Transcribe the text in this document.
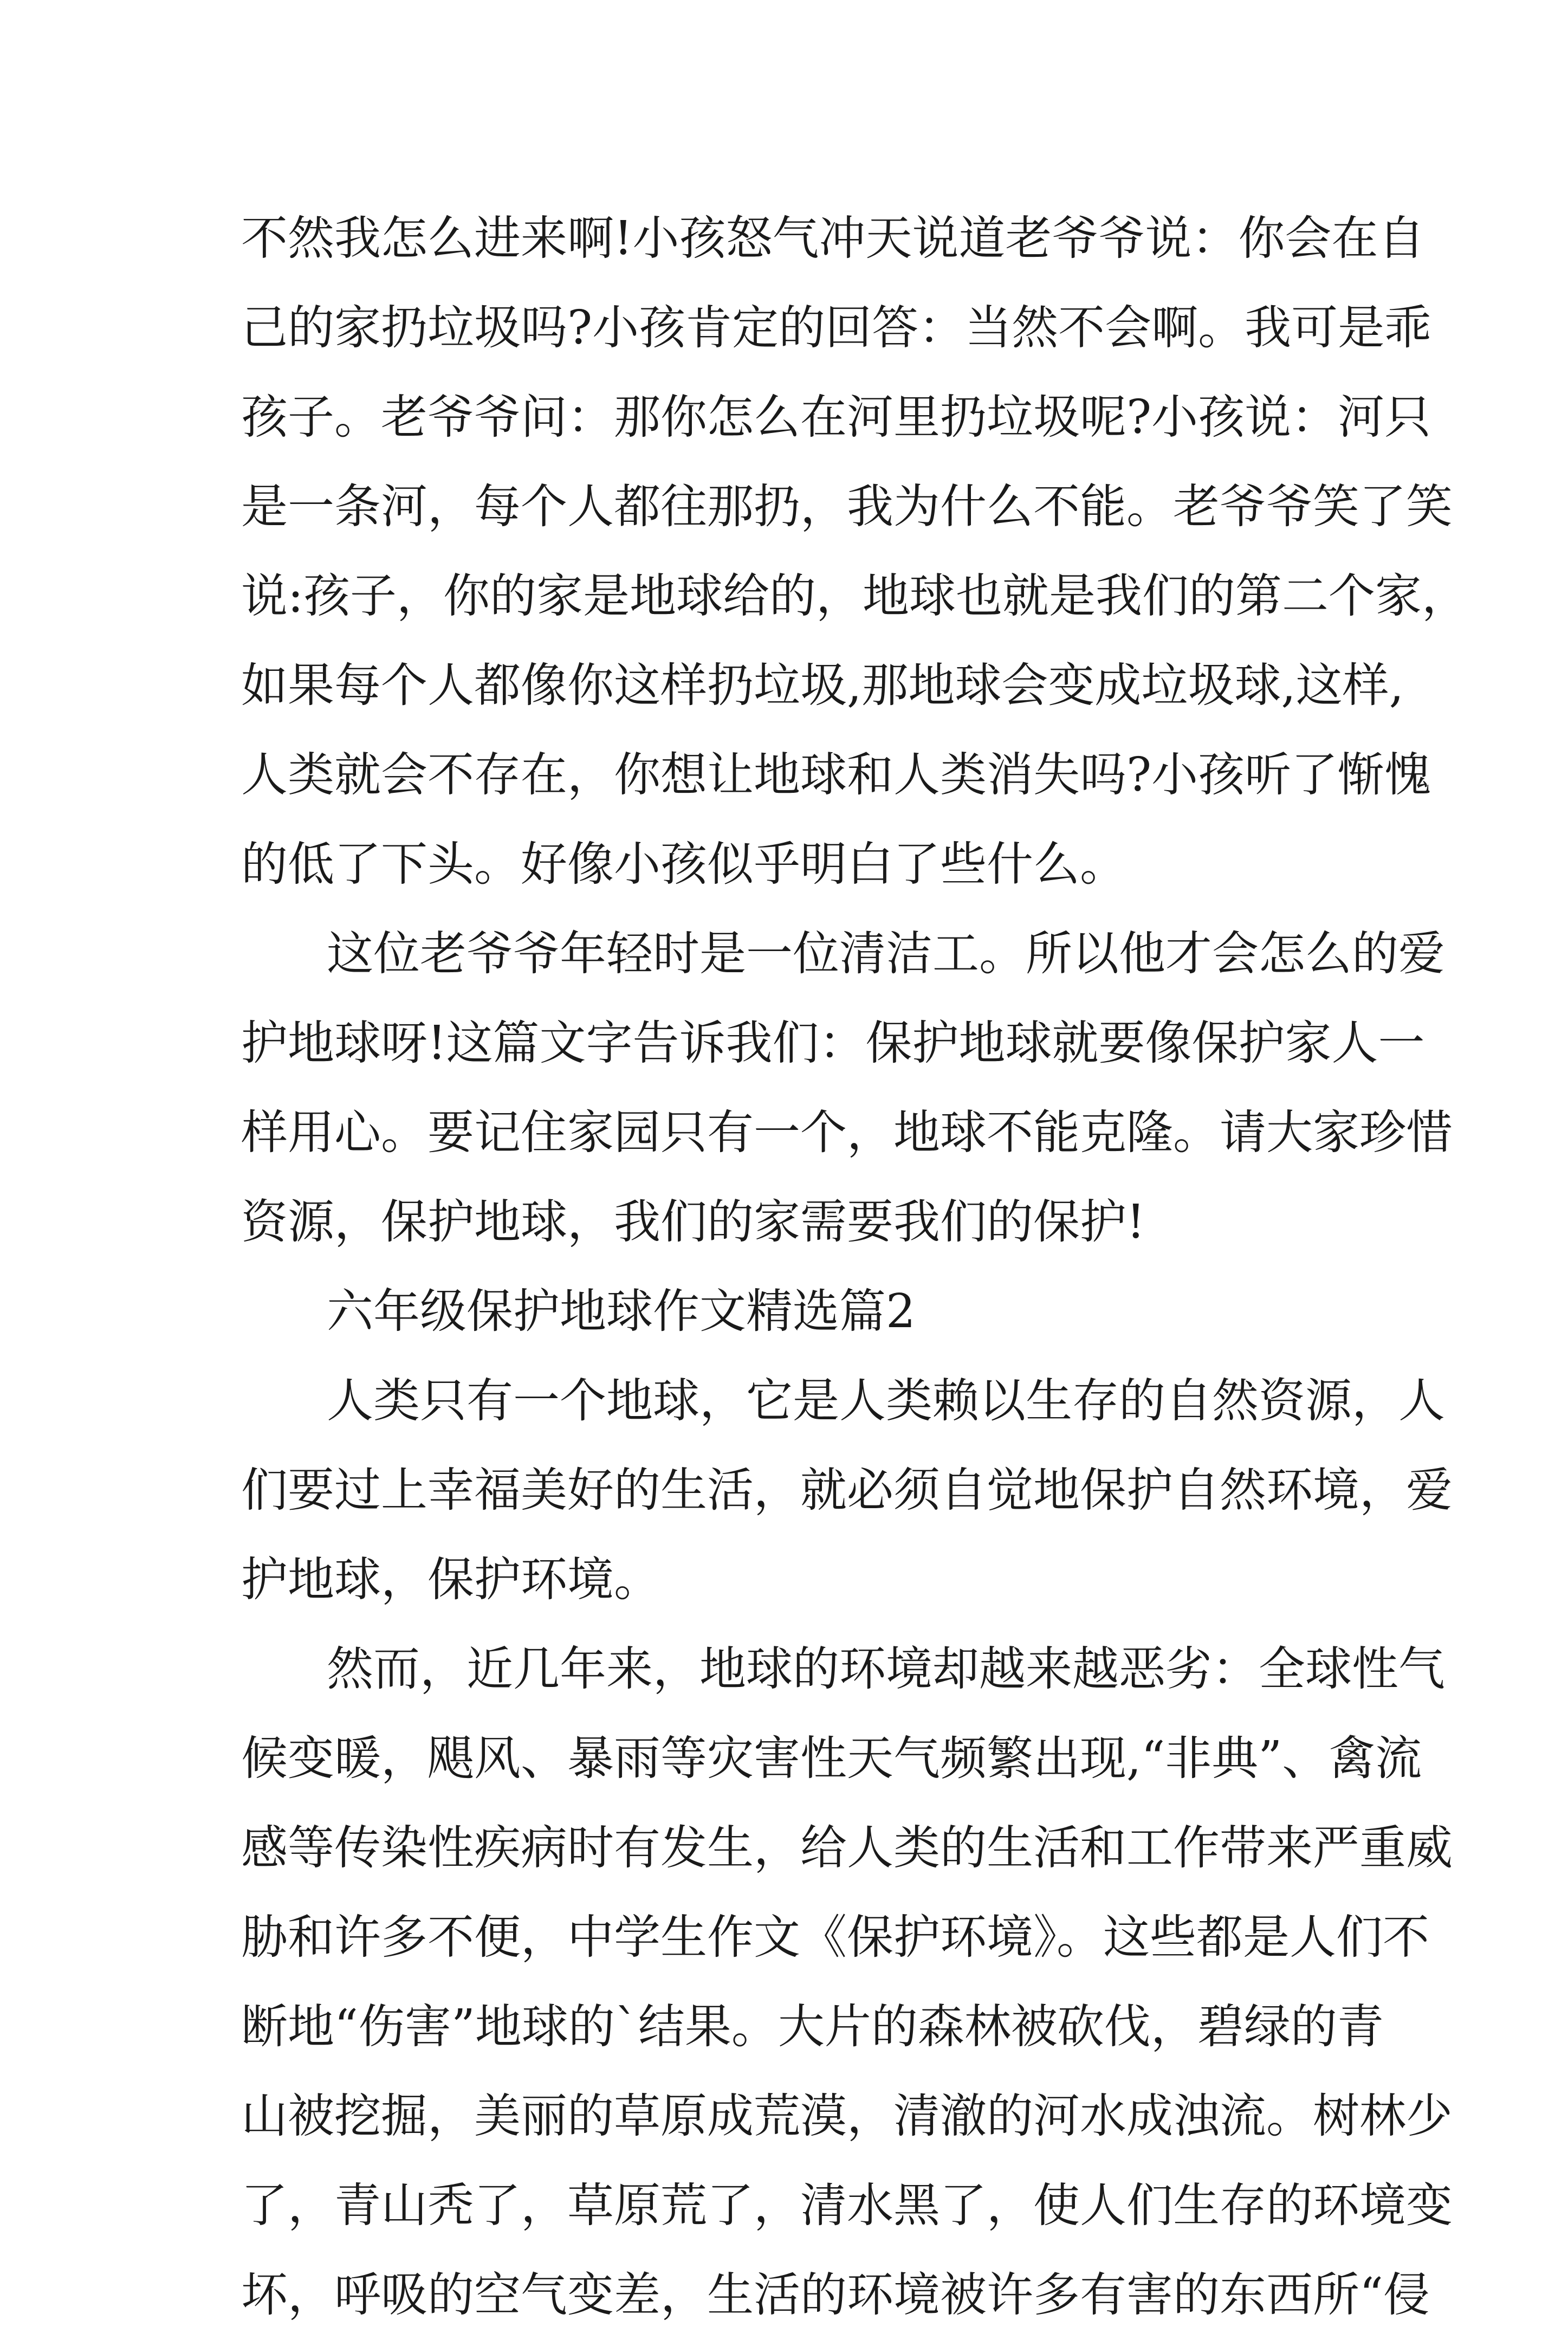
不然我怎么进来啊!小孩怒气冲天说道老爷爷说：你会在自
己的家扔垃圾吗?小孩肯定的回答：当然不会啊。我可是乖
孩子。老爷爷问：那你怎么在河里扔垃圾呢?小孩说：河只
是一条河，每个人都往那扔，我为什么不能。老爷爷笑了笑
说:孩子，你的家是地球给的，地球也就是我们的第二个家，
如果每个人都像你这样扔垃圾,那地球会变成垃圾球,这样,
人类就会不存在，你想让地球和人类消失吗?小孩听了惭愧
的低了下头。好像小孩似乎明白了些什么。
这位老爷爷年轻时是一位清洁工。所以他才会怎么的爱
护地球呀!这篇文字告诉我们：保护地球就要像保护家人一
样用心。要记住家园只有一个，地球不能克隆。请大家珍惜
资源，保护地球，我们的家需要我们的保护!
六年级保护地球作文精选篇2
人类只有一个地球，它是人类赖以生存的自然资源，人
们要过上幸福美好的生活，就必须自觉地保护自然环境，爱
护地球，保护环境。
然而，近几年来，地球的环境却越来越恶劣：全球性气
候变暖，飓风、暴雨等灾害性天气频繁出现,“非典”、禽流
感等传染性疾病时有发生，给人类的生活和工作带来严重威
胁和许多不便，中学生作文《保护环境》。这些都是人们不
断地“伤害”地球的`结果。大片的森林被砍伐，碧绿的青
山被挖掘，美丽的草原成荒漠，清澈的河水成浊流。树林少
了，青山秃了，草原荒了，清水黑了，使人们生存的环境变
坏，呼吸的空气变差，生活的环境被许多有害的东西所“侵
